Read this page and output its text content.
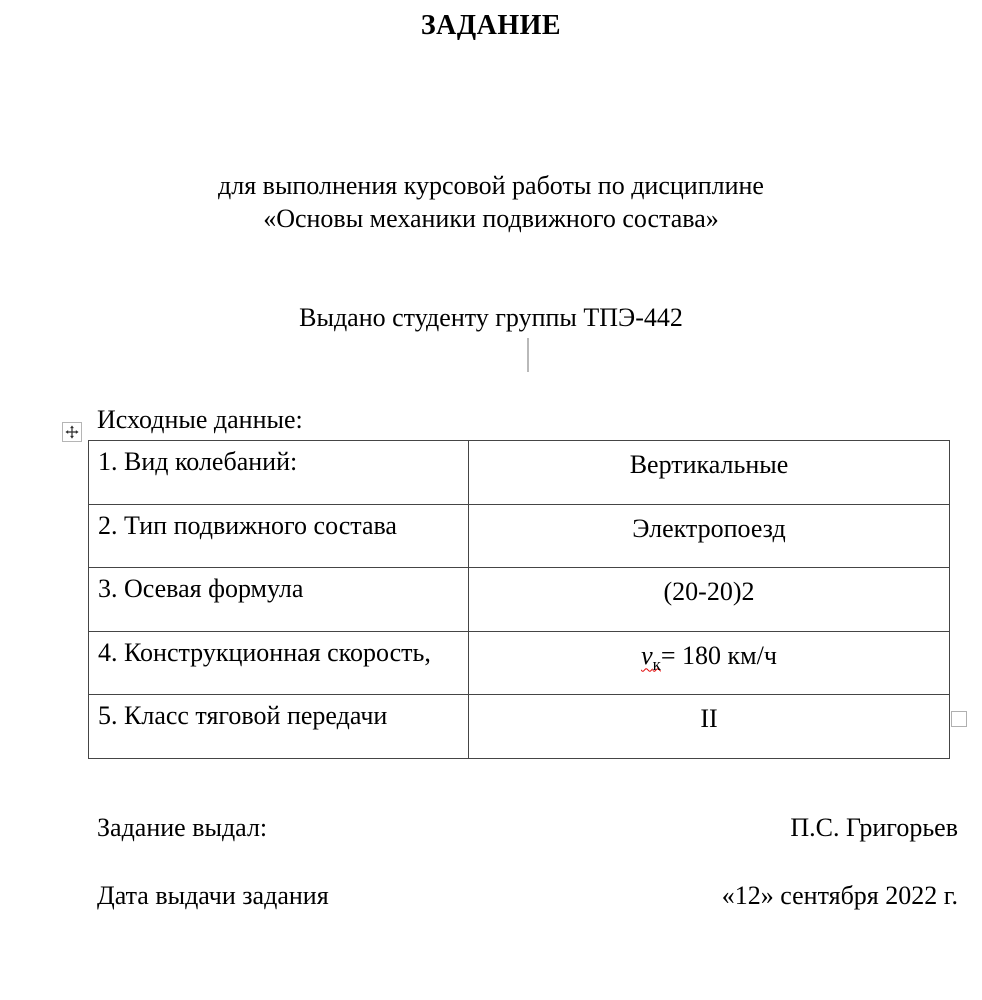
ЗАДАНИЕ
для выполнения курсовой работы по дисциплине
«Основы механики подвижного состава»
Выдано студенту группы ТПЭ-442
Исходные данные:
Задание выдал:	П.С. Григорьев
Дата выдачи задания	«12» сентября 2022 г.
1. Вид колебаний:	Вертикальные
2. Тип подвижного состава	Электропоезд
3. Осевая формула	(20-20)2
4. Конструкционная скорость,	$v_к= 180$ км/ч
5. Класс тяговой передачи	II
